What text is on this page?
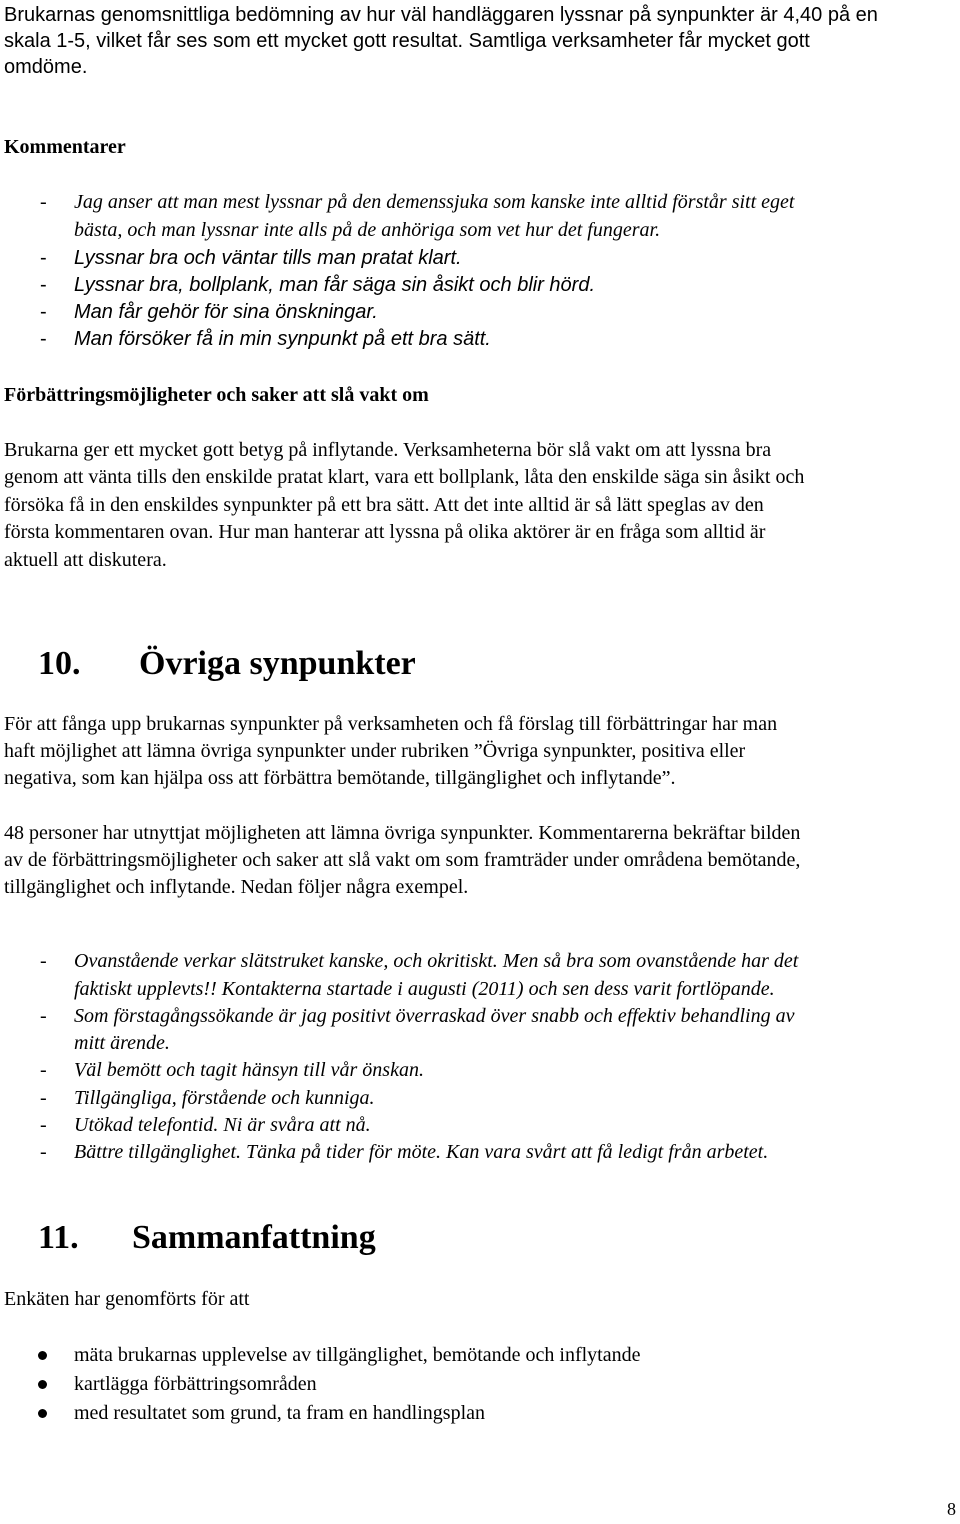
Brukarnas genomsnittliga bedömning av hur väl handläggaren lyssnar på synpunkter är 4,40 på en
skala 1-5, vilket får ses som ett mycket gott resultat. Samtliga verksamheter får mycket gott
omdöme.
Kommentarer
- Jag anser att man mest lyssnar på den demenssjuka som kanske inte alltid förstår sitt eget
bästa, och man lyssnar inte alls på de anhöriga som vet hur det fungerar.
- Lyssnar bra och väntar tills man pratat klart.
- Lyssnar bra, bollplank, man får säga sin åsikt och blir hörd.
- Man får gehör för sina önskningar.
- Man försöker få in min synpunkt på ett bra sätt.
Förbättringsmöjligheter och saker att slå vakt om
Brukarna ger ett mycket gott betyg på inflytande. Verksamheterna bör slå vakt om att lyssna bra
genom att vänta tills den enskilde pratat klart, vara ett bollplank, låta den enskilde säga sin åsikt och
försöka få in den enskildes synpunkter på ett bra sätt. Att det inte alltid är så lätt speglas av den
första kommentaren ovan. Hur man hanterar att lyssna på olika aktörer är en fråga som alltid är
aktuell att diskutera.
10. Övriga synpunkter
För att fånga upp brukarnas synpunkter på verksamheten och få förslag till förbättringar har man
haft möjlighet att lämna övriga synpunkter under rubriken ”Övriga synpunkter, positiva eller
negativa, som kan hjälpa oss att förbättra bemötande, tillgänglighet och inflytande”.
48 personer har utnyttjat möjligheten att lämna övriga synpunkter. Kommentarerna bekräftar bilden
av de förbättringsmöjligheter och saker att slå vakt om som framträder under områdena bemötande,
tillgänglighet och inflytande. Nedan följer några exempel.
- Ovanstående verkar slätstruket kanske, och okritiskt. Men så bra som ovanstående har det
faktiskt upplevts!! Kontakterna startade i augusti (2011) och sen dess varit fortlöpande.
- Som förstagångssökande är jag positivt överraskad över snabb och effektiv behandling av
mitt ärende.
- Väl bemött och tagit hänsyn till vår önskan.
- Tillgängliga, förstående och kunniga.
- Utökad telefontid. Ni är svåra att nå.
- Bättre tillgänglighet. Tänka på tider för möte. Kan vara svårt att få ledigt från arbetet.
11. Sammanfattning
Enkäten har genomförts för att
mäta brukarnas upplevelse av tillgänglighet, bemötande och inflytande
kartlägga förbättringsområden
med resultatet som grund, ta fram en handlingsplan
8
